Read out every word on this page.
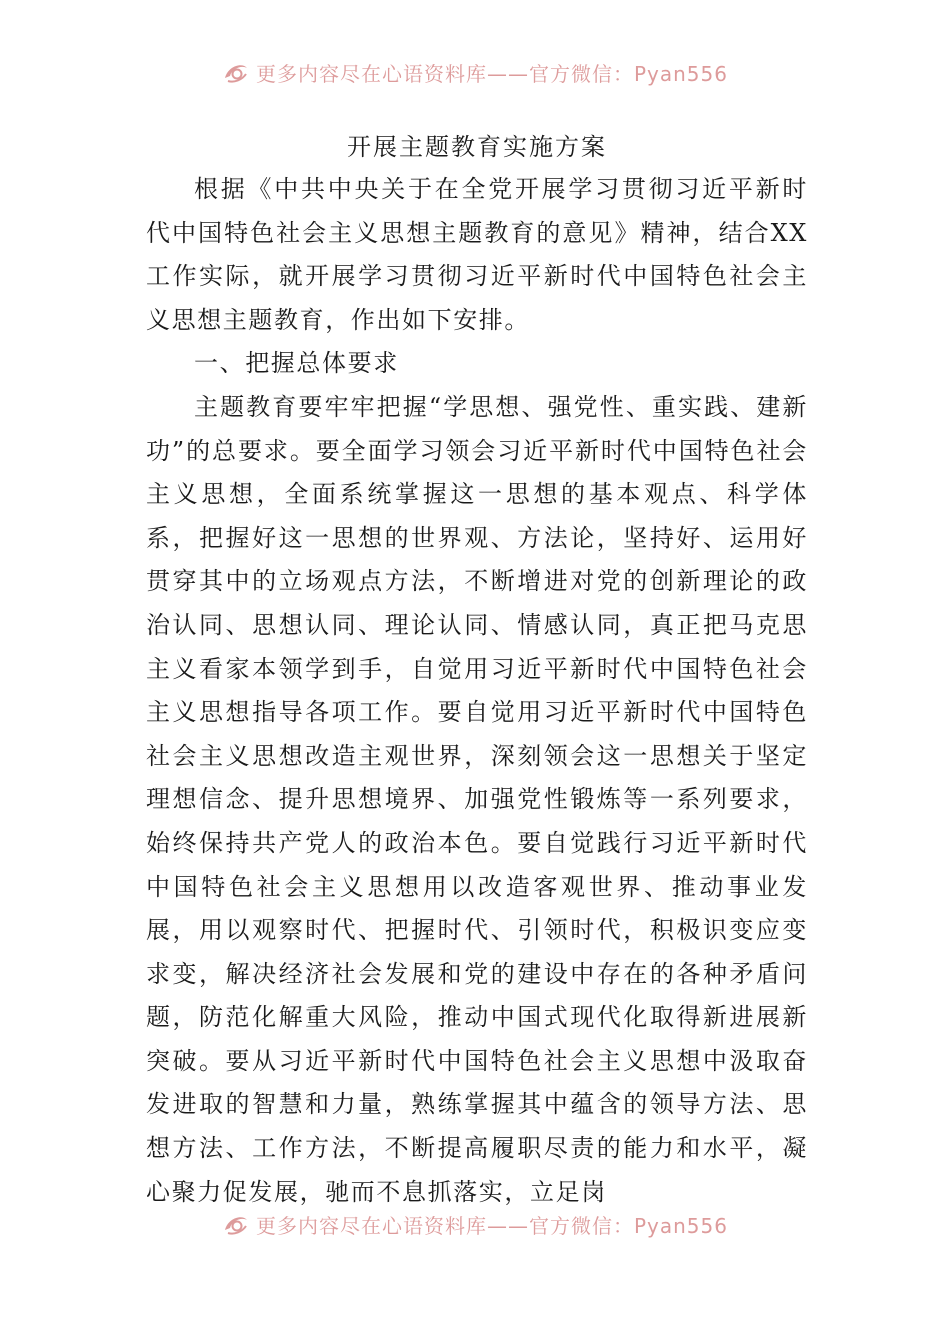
更多内容尽在心语资料库——官方微信：Pyan556
开展主题教育实施方案

根据《中共中央关于在全党开展学习贯彻习近平新时代中国特色社会主义思想主题教育的意见》精神，结合XX工作实际，就开展学习贯彻习近平新时代中国特色社会主义思想主题教育，作出如下安排。

一、把握总体要求

主题教育要牢牢把握“学思想、强党性、重实践、建新功”的总要求。要全面学习领会习近平新时代中国特色社会主义思想，全面系统掌握这一思想的基本观点、科学体系，把握好这一思想的世界观、方法论，坚持好、运用好贯穿其中的立场观点方法，不断增进对党的创新理论的政治认同、思想认同、理论认同、情感认同，真正把马克思主义看家本领学到手，自觉用习近平新时代中国特色社会主义思想指导各项工作。要自觉用习近平新时代中国特色社会主义思想改造主观世界，深刻领会这一思想关于坚定理想信念、提升思想境界、加强党性锻炼等一系列要求，始终保持共产党人的政治本色。要自觉践行习近平新时代中国特色社会主义思想用以改造客观世界、推动事业发展，用以观察时代、把握时代、引领时代，积极识变应变求变，解决经济社会发展和党的建设中存在的各种矛盾问题，防范化解重大风险，推动中国式现代化取得新进展新突破。要从习近平新时代中国特色社会主义思想中汲取奋发进取的智慧和力量，熟练掌握其中蕴含的领导方法、思想方法、工作方法，不断提高履职尽责的能力和水平，凝心聚力促发展，驰而不息抓落实，立足岗

更多内容尽在心语资料库——官方微信：Pyan556
